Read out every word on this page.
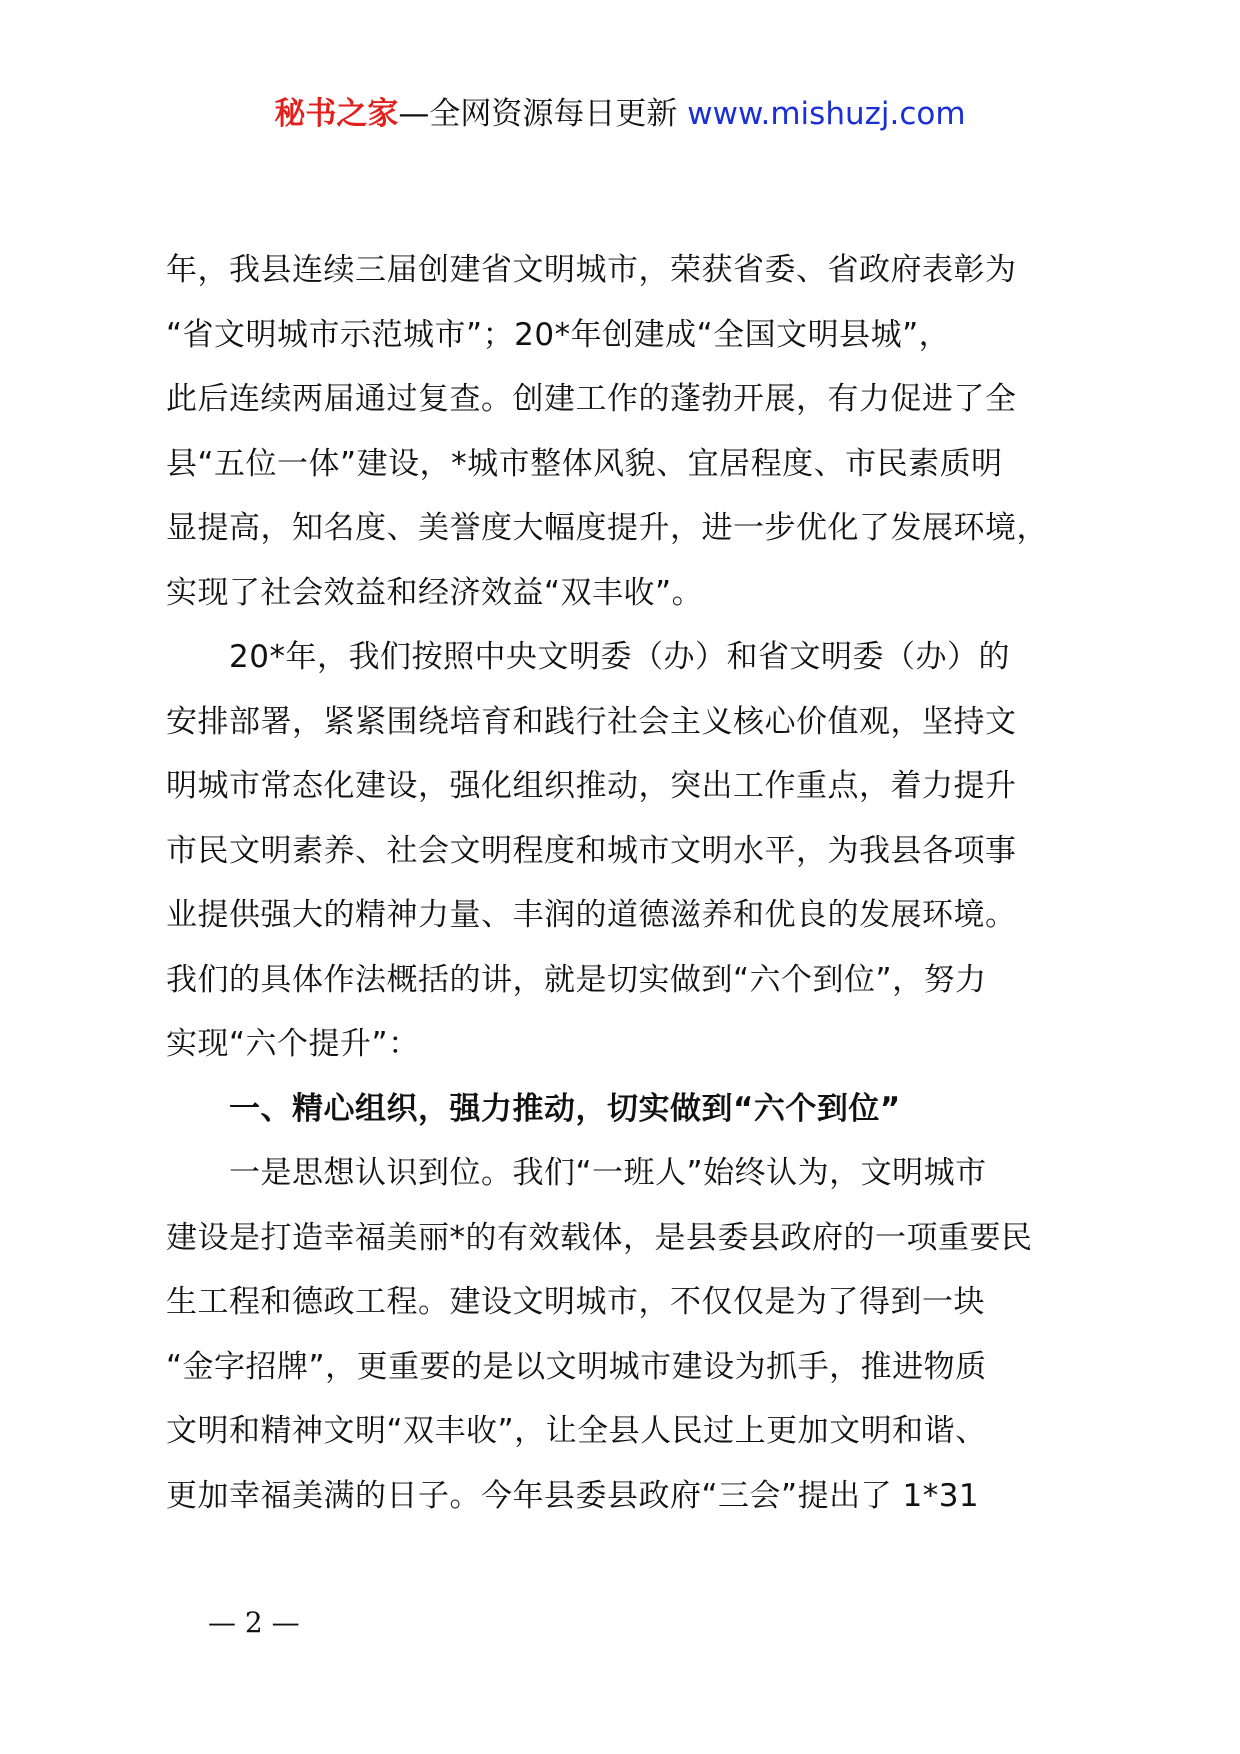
秘书之家—全网资源每日更新 www.mishuzj.com
年，我县连续三届创建省文明城市，荣获省委、省政府表彰为
“省文明城市示范城市”；20*年创建成“全国文明县城”，
此后连续两届通过复查。创建工作的蓬勃开展，有力促进了全
县“五位一体”建设，*城市整体风貌、宜居程度、市民素质明
显提高，知名度、美誉度大幅度提升，进一步优化了发展环境，
实现了社会效益和经济效益“双丰收”。
　　20*年，我们按照中央文明委（办）和省文明委（办）的
安排部署，紧紧围绕培育和践行社会主义核心价值观，坚持文
明城市常态化建设，强化组织推动，突出工作重点，着力提升
市民文明素养、社会文明程度和城市文明水平，为我县各项事
业提供强大的精神力量、丰润的道德滋养和优良的发展环境。
我们的具体作法概括的讲，就是切实做到“六个到位”，努力
实现“六个提升”：
　　一、精心组织，强力推动，切实做到“六个到位”
　　一是思想认识到位。我们“一班人”始终认为，文明城市
建设是打造幸福美丽*的有效载体，是县委县政府的一项重要民
生工程和德政工程。建设文明城市，不仅仅是为了得到一块
“金字招牌”，更重要的是以文明城市建设为抓手，推进物质
文明和精神文明“双丰收”，让全县人民过上更加文明和谐、
更加幸福美满的日子。今年县委县政府“三会”提出了 1*31
— 2 —
